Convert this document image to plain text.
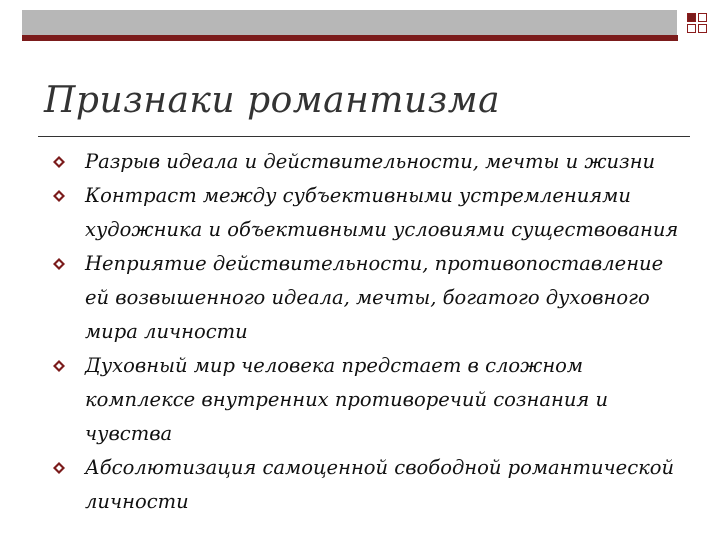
Признаки романтизма
Разрыв идеала и действительности, мечты и жизни
Контраст между субъективными устремлениями художника и объективными условиями существования
Неприятие действительности, противопоставление ей возвышенного идеала, мечты, богатого духовного мира личности
Духовный мир человека предстает в сложном комплексе внутренних противоречий сознания и чувства
Абсолютизация самоценной свободной романтической личности
